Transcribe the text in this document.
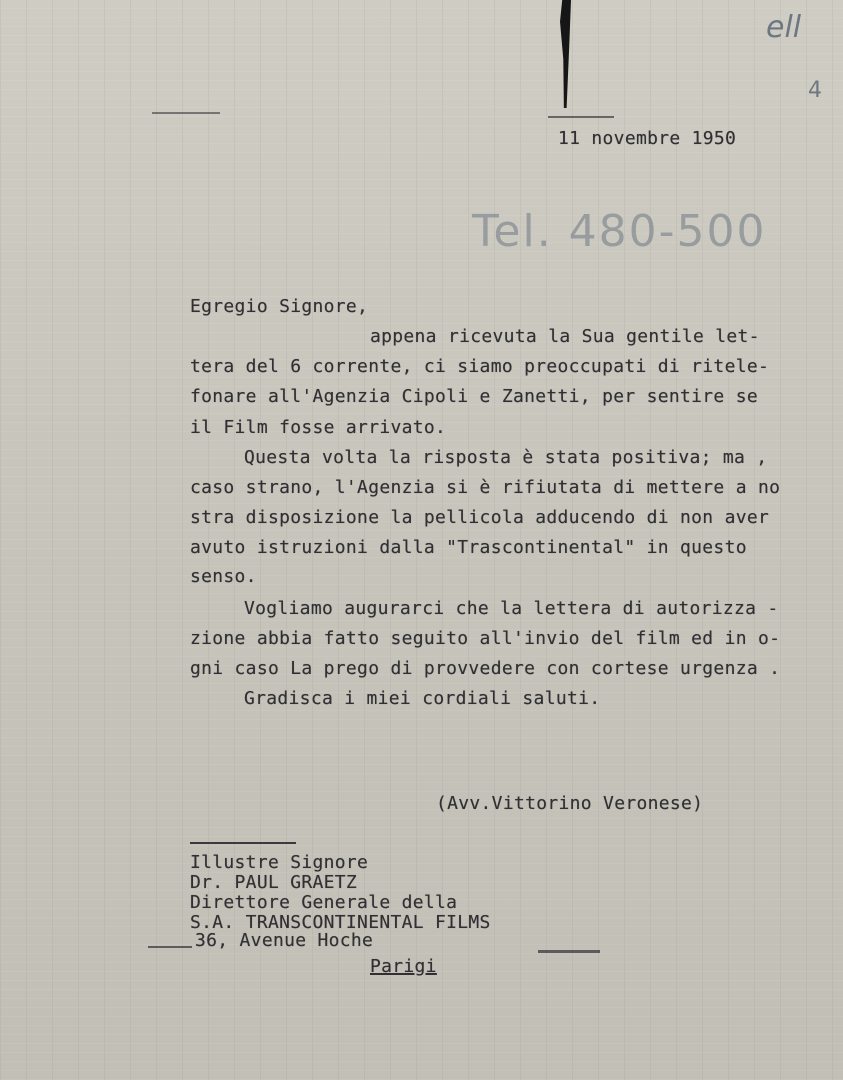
ell
4
Tel. 480-500
11 novembre 1950
Egregio Signore,
appena ricevuta la Sua gentile let-
tera del 6 corrente, ci siamo preoccupati di ritele-
fonare all'Agenzia Cipoli e Zanetti, per sentire se
il Film fosse arrivato.
Questa volta la risposta è stata positiva; ma ,
caso strano, l'Agenzia si è rifiutata di mettere a no
stra disposizione la pellicola adducendo di non aver
avuto istruzioni dalla "Trascontinental" in questo
senso.
Vogliamo augurarci che la lettera di autorizza -
zione abbia fatto seguito all'invio del film ed in o-
gni caso La prego di provvedere con cortese urgenza .
Gradisca i miei cordiali saluti.
(Avv.Vittorino Veronese)
Illustre Signore
Dr. PAUL GRAETZ
Direttore Generale della
S.A. TRANSCONTINENTAL FILMS
36, Avenue Hoche
Parigi
